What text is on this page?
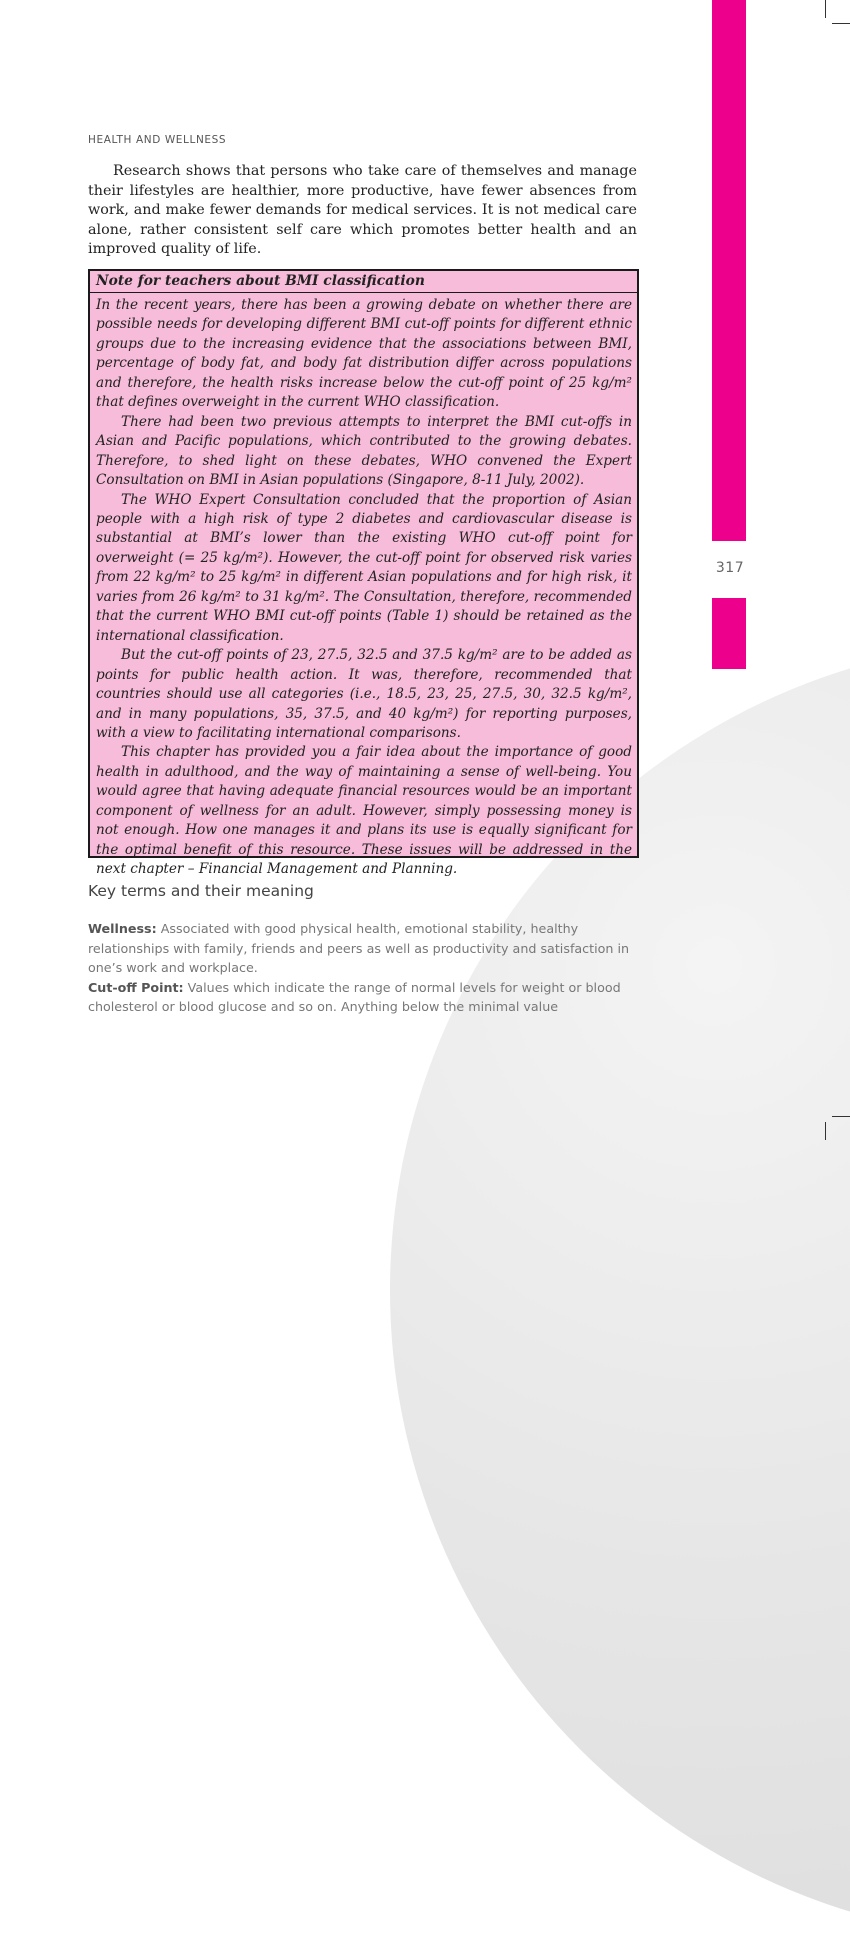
317
HEALTH AND WELLNESS

Research shows that persons who take care of themselves and manage their lifestyles are healthier, more productive, have fewer absences from work, and make fewer demands for medical services. It is not medical care alone, rather consistent self care which promotes better health and an improved quality of life.

Note for teachers about BMI classification

In the recent years, there has been a growing debate on whether there are possible needs for developing different BMI cut-off points for different ethnic groups due to the increasing evidence that the associations between BMI, percentage of body fat, and body fat distribution differ across populations and therefore, the health risks increase below the cut-off point of 25 kg/m² that defines overweight in the current WHO classification.

There had been two previous attempts to interpret the BMI cut-offs in Asian and Pacific populations, which contributed to the growing debates. Therefore, to shed light on these debates, WHO convened the Expert Consultation on BMI in Asian populations (Singapore, 8-11 July, 2002).

The WHO Expert Consultation concluded that the proportion of Asian people with a high risk of type 2 diabetes and cardiovascular disease is substantial at BMI’s lower than the existing WHO cut-off point for overweight (= 25 kg/m²). However, the cut-off point for observed risk varies from 22 kg/m² to 25 kg/m² in different Asian populations and for high risk, it varies from 26 kg/m² to 31 kg/m². The Consultation, therefore, recommended that the current WHO BMI cut-off points (Table 1) should be retained as the international classification.

But the cut-off points of 23, 27.5, 32.5 and 37.5 kg/m² are to be added as points for public health action. It was, therefore, recommended that countries should use all categories (i.e., 18.5, 23, 25, 27.5, 30, 32.5 kg/m², and in many populations, 35, 37.5, and 40 kg/m²) for reporting purposes, with a view to facilitating international comparisons.

This chapter has provided you a fair idea about the importance of good health in adulthood, and the way of maintaining a sense of well-being. You would agree that having adequate financial resources would be an important component of wellness for an adult. However, simply possessing money is not enough. How one manages it and plans its use is equally significant for the optimal benefit of this resource. These issues will be addressed in the next chapter – Financial Management and Planning.

Key terms and their meaning

Wellness: Associated with good physical health, emotional stability, healthy relationships with family, friends and peers as well as productivity and satisfaction in one’s work and workplace.

Cut-off Point: Values which indicate the range of normal levels for weight or blood cholesterol or blood glucose and so on. Anything below the minimal value
